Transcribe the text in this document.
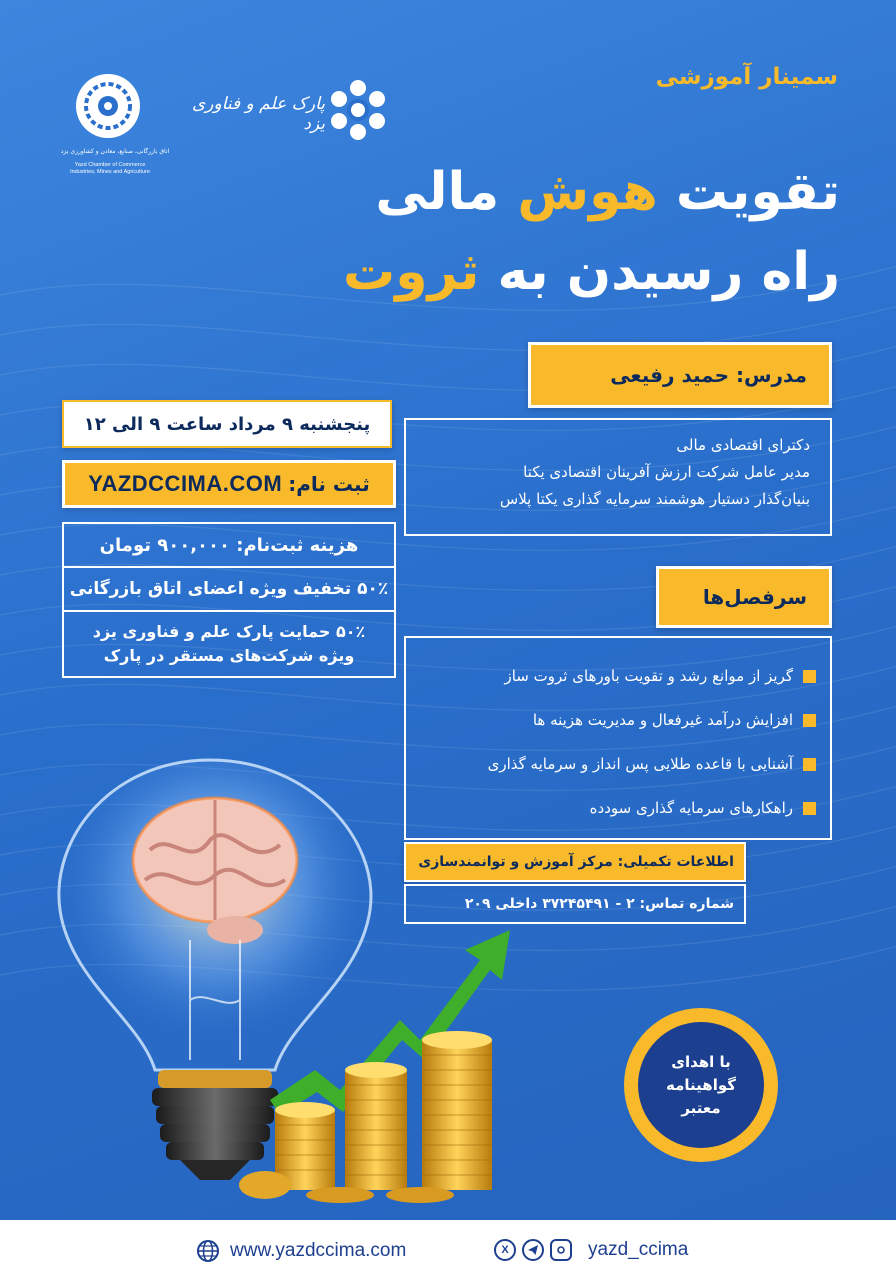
اتاق بازرگانی، صنایع، معادن و کشاورزی یزد
Yazd Chamber of Commerce Industries, Mines and Agriculture
پارک علم و فناوری یزد
سمینار آموزشی
تقویت هوش مالی
راه رسیدن به ثروت
مدرس: حمید رفیعی
دکترای اقتصادی مالی
مدیر عامل شرکت ارزش آفرینان اقتصادی یکتا
بنیان‌گذار دستیار هوشمند سرمایه گذاری یکتا پلاس
سرفصل‌ها
گریز از موانع رشد و تقویت باورهای ثروت ساز
افزایش درآمد غیرفعال و مدیریت هزینه ها
آشنایی با قاعده طلایی پس انداز و سرمایه گذاری
راهکارهای سرمایه گذاری سودده
اطلاعات تکمیلی: مرکز آموزش و توانمندسازی
شماره تماس: ۲ - ۳۷۲۴۵۴۹۱ داخلی ۲۰۹
پنجشنبه ۹ مرداد ساعت ۹ الی ۱۲
ثبت نام:
YAZDCCIMA.COM
هزینه ثبت‌نام: ۹۰۰,۰۰۰ تومان
۵۰٪ تخفیف ویژه اعضای اتاق بازرگانی
۵۰٪ حمایت پارک علم و فناوری یزد
ویژه شرکت‌های مستقر در پارک
با اهدای
گواهینامه
معتبر
www.yazdccima.com	X	yazd_ccima
